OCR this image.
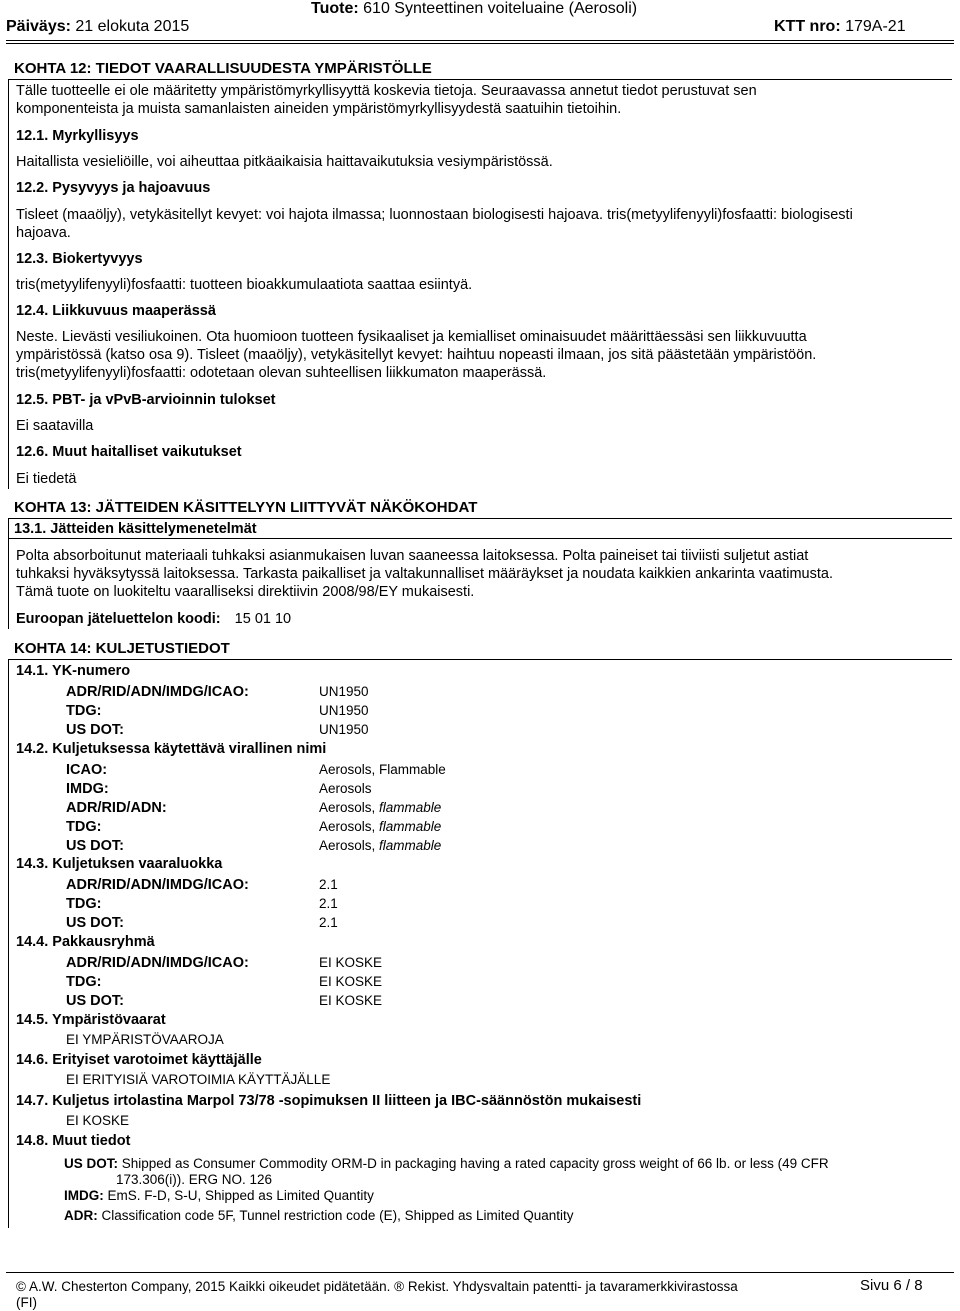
Päiväys: 21 elokuta 2015
Tuote: 610 Synteettinen voiteluaine (Aerosoli)
KTT nro: 179A-21
KOHTA 12: TIEDOT VAARALLISUUDESTA YMPÄRISTÖLLE
Tälle tuotteelle ei ole määritetty ympäristömyrkyllisyyttä koskevia tietoja. Seuraavassa annetut tiedot perustuvat sen
komponenteista ja muista samanlaisten aineiden ympäristömyrkyllisyydestä saatuihin tietoihin.
12.1. Myrkyllisyys
Haitallista vesieliöille, voi aiheuttaa pitkäaikaisia haittavaikutuksia vesiympäristössä.
12.2. Pysyvyys ja hajoavuus
Tisleet (maaöljy), vetykäsitellyt kevyet: voi hajota ilmassa; luonnostaan biologisesti hajoava. tris(metyylifenyyli)fosfaatti: biologisesti
hajoava.
12.3. Biokertyvyys
tris(metyylifenyyli)fosfaatti: tuotteen bioakkumulaatiota saattaa esiintyä.
12.4. Liikkuvuus maaperässä
Neste. Lievästi vesiliukoinen. Ota huomioon tuotteen fysikaaliset ja kemialliset ominaisuudet määrittäessäsi sen liikkuvuutta
ympäristössä (katso osa 9). Tisleet (maaöljy), vetykäsitellyt kevyet: haihtuu nopeasti ilmaan, jos sitä päästetään ympäristöön.
tris(metyylifenyyli)fosfaatti: odotetaan olevan suhteellisen liikkumaton maaperässä.
12.5. PBT- ja vPvB-arvioinnin tulokset
Ei saatavilla
12.6. Muut haitalliset vaikutukset
Ei tiedetä
KOHTA 13: JÄTTEIDEN KÄSITTELYYN LIITTYVÄT NÄKÖKOHDAT
13.1. Jätteiden käsittelymenetelmät
Polta absorboitunut materiaali tuhkaksi asianmukaisen luvan saaneessa laitoksessa. Polta paineiset tai tiiviisti suljetut astiat
tuhkaksi hyväksytyssä laitoksessa. Tarkasta paikalliset ja valtakunnalliset määräykset ja noudata kaikkien ankarinta vaatimusta.
Tämä tuote on luokiteltu vaaralliseksi direktiivin 2008/98/EY mukaisesti.
Euroopan jäteluettelon koodi: 15 01 10
KOHTA 14: KULJETUSTIEDOT
14.1. YK-numero
ADR/RID/ADN/IMDG/ICAO:	UN1950
TDG:	UN1950
US DOT:	UN1950
14.2. Kuljetuksessa käytettävä virallinen nimi
ICAO:	Aerosols, Flammable
IMDG:	Aerosols
ADR/RID/ADN:	Aerosols, flammable
TDG:	Aerosols, flammable
US DOT:	Aerosols, flammable
14.3. Kuljetuksen vaaraluokka
ADR/RID/ADN/IMDG/ICAO:	2.1
TDG:	2.1
US DOT:	2.1
14.4. Pakkausryhmä
ADR/RID/ADN/IMDG/ICAO:	EI KOSKE
TDG:	EI KOSKE
US DOT:	EI KOSKE
14.5. Ympäristövaarat
EI YMPÄRISTÖVAAROJA
14.6. Erityiset varotoimet käyttäjälle
EI ERITYISIÄ VAROTOIMIA KÄYTTÄJÄLLE
14.7. Kuljetus irtolastina Marpol 73/78 -sopimuksen II liitteen ja IBC-säännöstön mukaisesti
EI KOSKE
14.8. Muut tiedot
US DOT: Shipped as Consumer Commodity ORM-D in packaging having a rated capacity gross weight of 66 lb. or less (49 CFR
173.306(i)). ERG NO. 126
IMDG: EmS. F-D, S-U, Shipped as Limited Quantity
ADR: Classification code 5F, Tunnel restriction code (E), Shipped as Limited Quantity
© A.W. Chesterton Company, 2015 Kaikki oikeudet pidätetään. ® Rekist. Yhdysvaltain patentti- ja tavaramerkkivirastossa
(FI)
Sivu 6 / 8
